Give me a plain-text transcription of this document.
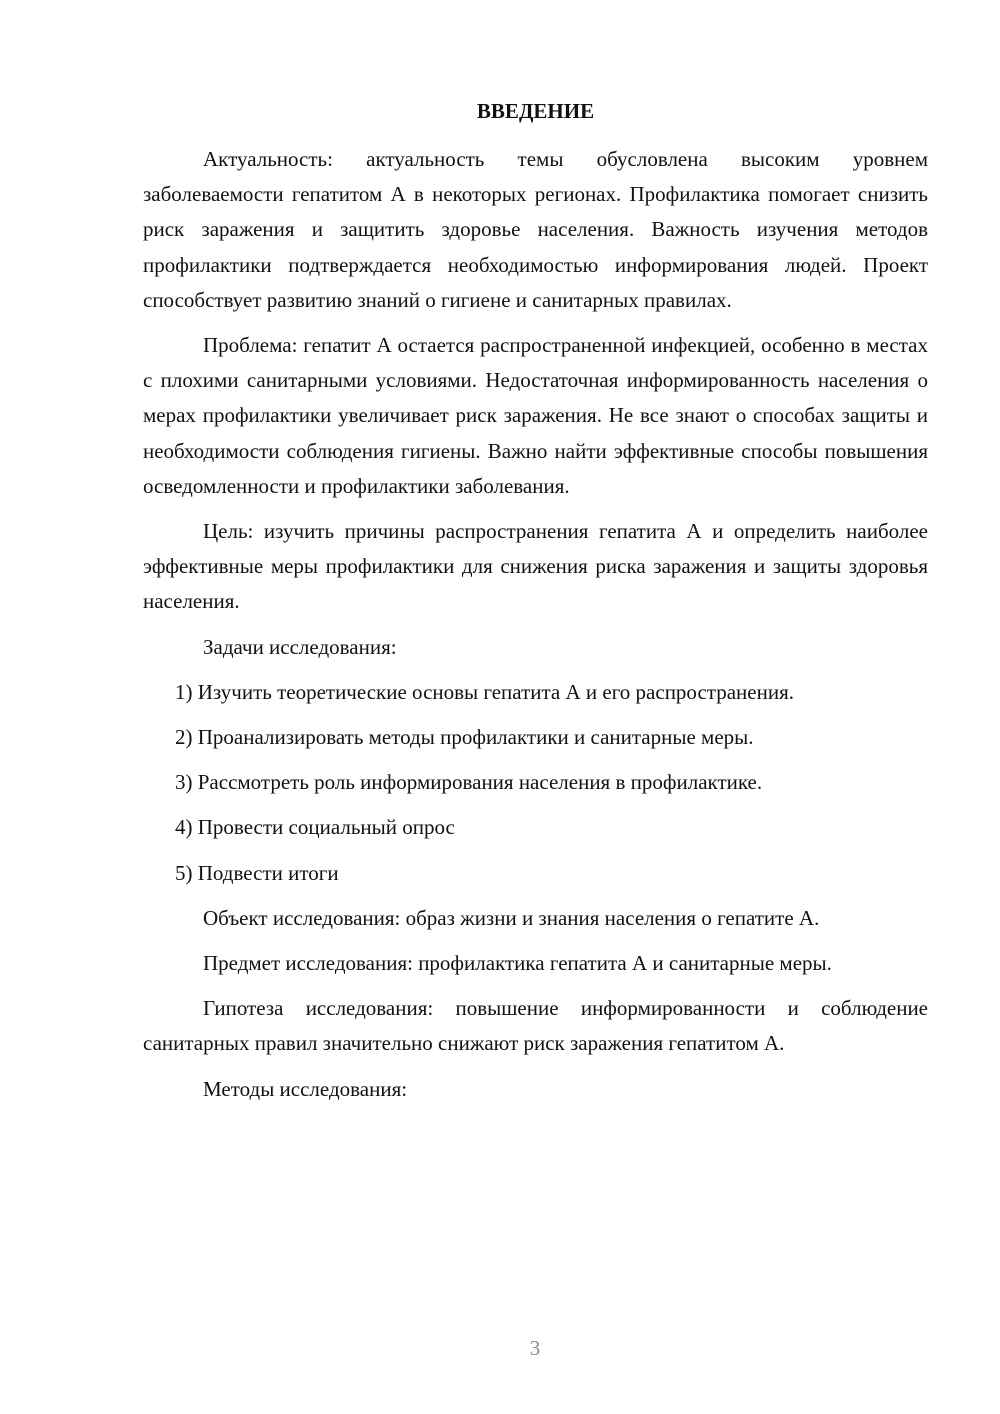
ВВЕДЕНИЕ

Актуальность: актуальность темы обусловлена высоким уровнем заболеваемости гепатитом А в некоторых регионах. Профилактика помогает снизить риск заражения и защитить здоровье населения. Важность изучения методов профилактики подтверждается необходимостью информирования людей. Проект способствует развитию знаний о гигиене и санитарных правилах.

Проблема: гепатит А остается распространенной инфекцией, особенно в местах с плохими санитарными условиями. Недостаточная информированность населения о мерах профилактики увеличивает риск заражения. Не все знают о способах защиты и необходимости соблюдения гигиены. Важно найти эффективные способы повышения осведомленности и профилактики заболевания.

Цель: изучить причины распространения гепатита А и определить наиболее эффективные меры профилактики для снижения риска заражения и защиты здоровья населения.

Задачи исследования:

1) Изучить теоретические основы гепатита А и его распространения.
2) Проанализировать методы профилактики и санитарные меры.
3) Рассмотреть роль информирования населения в профилактике.
4) Провести социальный опрос
5) Подвести итоги

Объект исследования: образ жизни и знания населения о гепатите А.

Предмет исследования: профилактика гепатита А и санитарные меры.

Гипотеза исследования: повышение информированности и соблюдение санитарных правил значительно снижают риск заражения гепатитом А.

Методы исследования:

3
